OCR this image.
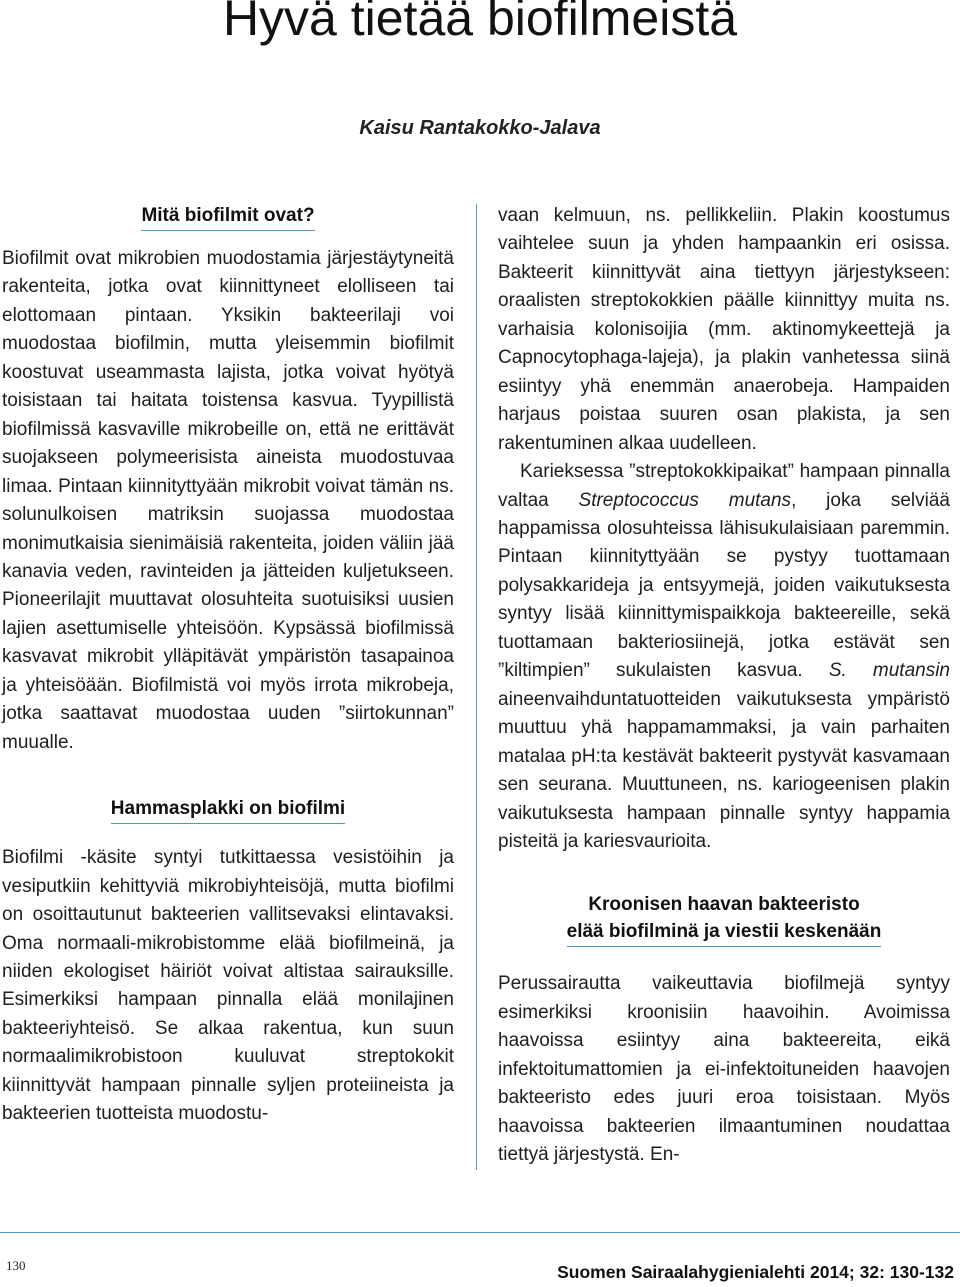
Hyvä tietää biofilmeistä
Kaisu Rantakokko-Jalava
Mitä biofilmit ovat?

Biofilmit ovat mikrobien muodostamia järjestäytyneitä rakenteita, jotka ovat kiinnittyneet elolliseen tai elottomaan pintaan. Yksikin bakteerilaji voi muodostaa biofilmin, mutta yleisemmin biofilmit koostuvat useammasta lajista, jotka voivat hyötyä toisistaan tai haitata toistensa kasvua. Tyypillistä biofilmissä kasvaville mikrobeille on, että ne erittävät suojakseen polymeerisista aineista muodostuvaa limaa. Pintaan kiinnityttyään mikrobit voivat tämän ns. solunulkoisen matriksin suojassa muodostaa monimutkaisia sienimäisiä rakenteita, joiden väliin jää kanavia veden, ravinteiden ja jätteiden kuljetukseen. Pioneerilajit muuttavat olosuhteita suotuisiksi uusien lajien asettumiselle yhteisöön. Kypsässä biofilmissä kasvavat mikrobit ylläpitävät ympäristön tasapainoa ja yhteisöään. Biofilmistä voi myös irrota mikrobeja, jotka saattavat muodostaa uuden ”siirtokunnan” muualle.

Hammasplakki on biofilmi

Biofilmi -käsite syntyi tutkittaessa vesistöihin ja vesiputkiin kehittyviä mikrobiyhteisöjä, mutta biofilmi on osoittautunut bakteerien vallitsevaksi elintavaksi. Oma normaali-mikrobistomme elää biofilmeinä, ja niiden ekologiset häiriöt voivat altistaa sairauksille. Esimerkiksi hampaan pinnalla elää monilajinen bakteeriyhteisö. Se alkaa rakentua, kun suun normaalimikrobistoon kuuluvat streptokokit kiinnittyvät hampaan pinnalle syljen proteiineista ja bakteerien tuotteista muodostu-

vaan kelmuun, ns. pellikkeliin. Plakin koostumus vaihtelee suun ja yhden hampaankin eri osissa. Bakteerit kiinnittyvät aina tiettyyn järjestykseen: oraalisten streptokokkien päälle kiinnittyy muita ns. varhaisia kolonisoijia (mm. aktinomykeettejä ja Capnocytophaga-lajeja), ja plakin vanhetessa siinä esiintyy yhä enemmän anaerobeja. Hampaiden harjaus poistaa suuren osan plakista, ja sen rakentuminen alkaa uudelleen.

Karieksessa ”streptokokkipaikat” hampaan pinnalla valtaa Streptococcus mutans, joka selviää happamissa olosuhteissa lähisukulaisiaan paremmin. Pintaan kiinnityttyään se pystyy tuottamaan polysakkarideja ja entsyymejä, joiden vaikutuksesta syntyy lisää kiinnittymispaikkoja bakteereille, sekä tuottamaan bakteriosiinejä, jotka estävät sen ”kiltimpien” sukulaisten kasvua. S. mutansin aineenvaihduntatuotteiden vaikutuksesta ympäristö muuttuu yhä happamammaksi, ja vain parhaiten matalaa pH:ta kestävät bakteerit pystyvät kasvamaan sen seurana. Muuttuneen, ns. kariogeenisen plakin vaikutuksesta hampaan pinnalle syntyy happamia pisteitä ja kariesvaurioita.

Kroonisen haavan bakteeristo
elää biofilminä ja viestii keskenään

Perussairautta vaikeuttavia biofilmejä syntyy esimerkiksi kroonisiin haavoihin. Avoimissa haavoissa esiintyy aina bakteereita, eikä infektoitumattomien ja ei-infektoituneiden haavojen bakteeristo edes juuri eroa toisistaan. Myös haavoissa bakteerien ilmaantuminen noudattaa tiettyä järjestystä. En-

130	Suomen Sairaalahygienialehti 2014; 32: 130-132
